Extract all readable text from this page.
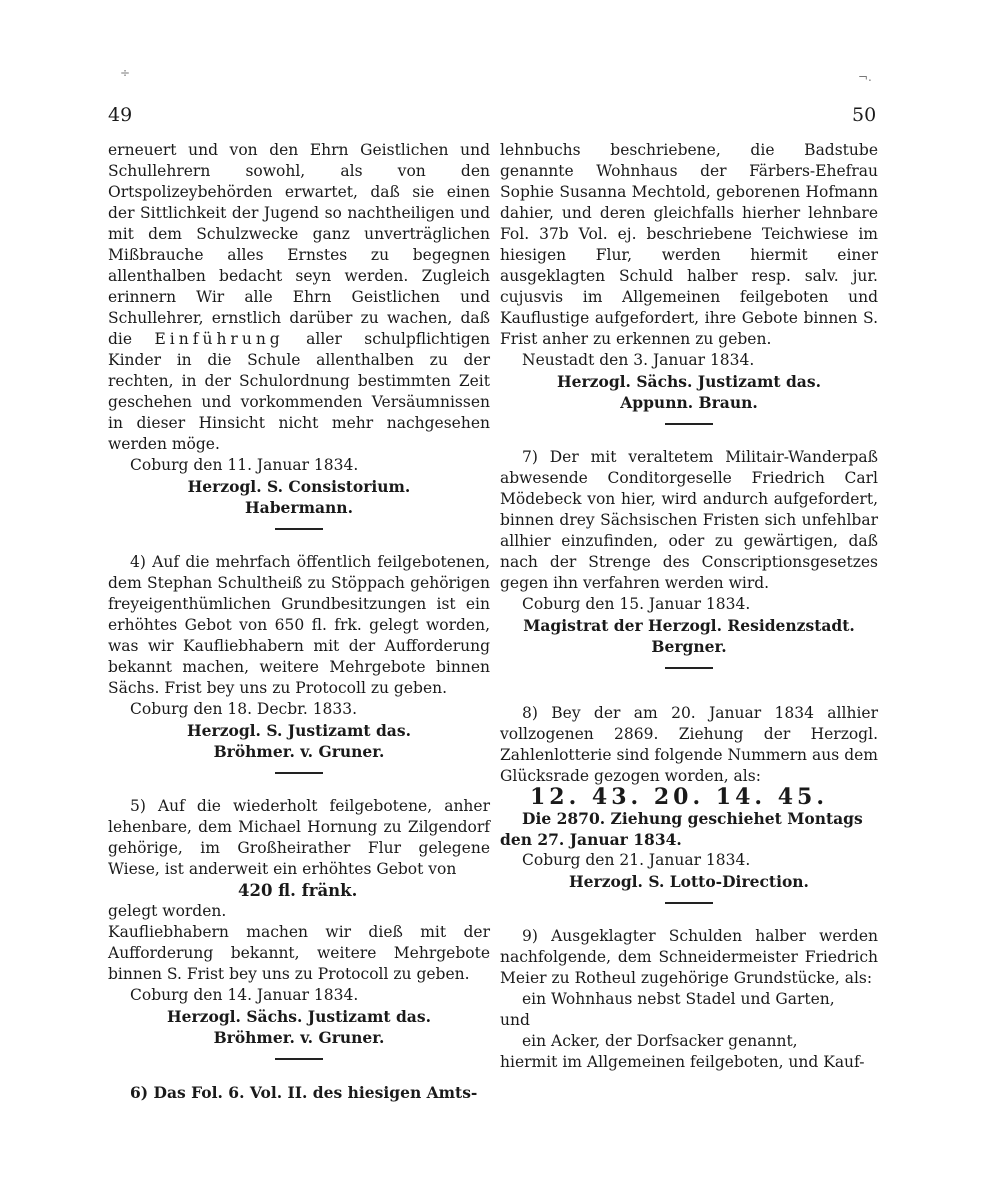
÷	¬.
49	50

erneuert und von den Ehrn Geistlichen und Schullehrern sowohl, als von den Ortspolizeybehörden erwartet, daß sie einen der Sittlichkeit der Jugend so nachtheiligen und mit dem Schulzwecke ganz unverträglichen Mißbrauche alles Ernstes zu begegnen allenthalben bedacht seyn werden. Zugleich erinnern Wir alle Ehrn Geistlichen und Schullehrer, ernstlich darüber zu wachen, daß die Einführung aller schulpflichtigen Kinder in die Schule allenthalben zu der rechten, in der Schulordnung bestimmten Zeit geschehen und vorkommenden Versäumnissen in dieser Hinsicht nicht mehr nachgesehen werden möge.

Coburg den 11. Januar 1834.

Herzogl. S. Consistorium.

Habermann.

4) Auf die mehrfach öffentlich feilgebotenen, dem Stephan Schultheiß zu Stöppach gehörigen freyeigenthümlichen Grundbesitzungen ist ein erhöhtes Gebot von 650 fl. frk. gelegt worden, was wir Kaufliebhabern mit der Aufforderung bekannt machen, weitere Mehrgebote binnen Sächs. Frist bey uns zu Protocoll zu geben.

Coburg den 18. Decbr. 1833.

Herzogl. S. Justizamt das.

Bröhmer. v. Gruner.

5) Auf die wiederholt feilgebotene, anher lehenbare, dem Michael Hornung zu Zilgendorf gehörige, im Großheirather Flur gelegene Wiese, ist anderweit ein erhöhtes Gebot von

420 fl. fränk.

gelegt worden.

Kaufliebhabern machen wir dieß mit der Aufforderung bekannt, weitere Mehrgebote binnen S. Frist bey uns zu Protocoll zu geben.

Coburg den 14. Januar 1834.

Herzogl. Sächs. Justizamt das.

Bröhmer. v. Gruner.

6) Das Fol. 6. Vol. II. des hiesigen Amts-

lehnbuchs beschriebene, die Badstube genannte Wohnhaus der Färbers-Ehefrau Sophie Susanna Mechtold, geborenen Hofmann dahier, und deren gleichfalls hierher lehnbare Fol. 37b Vol. ej. beschriebene Teichwiese im hiesigen Flur, werden hiermit einer ausgeklagten Schuld halber resp. salv. jur. cujusvis im Allgemeinen feilgeboten und Kauflustige aufgefordert, ihre Gebote binnen S. Frist anher zu erkennen zu geben.

Neustadt den 3. Januar 1834.

Herzogl. Sächs. Justizamt das.

Appunn. Braun.

7) Der mit veraltetem Militair-Wanderpaß abwesende Conditorgeselle Friedrich Carl Mödebeck von hier, wird andurch aufgefordert, binnen drey Sächsischen Fristen sich unfehlbar allhier einzufinden, oder zu gewärtigen, daß nach der Strenge des Conscriptionsgesetzes gegen ihn verfahren werden wird.

Coburg den 15. Januar 1834.

Magistrat der Herzogl. Residenzstadt.

Bergner.

8) Bey der am 20. Januar 1834 allhier vollzogenen 2869. Ziehung der Herzogl. Zahlenlotterie sind folgende Nummern aus dem Glücksrade gezogen worden, als:

12. 43. 20. 14. 45.

Die 2870. Ziehung geschiehet Montags den 27. Januar 1834.

Coburg den 21. Januar 1834.

Herzogl. S. Lotto-Direction.

9) Ausgeklagter Schulden halber werden nachfolgende, dem Schneidermeister Friedrich Meier zu Rotheul zugehörige Grundstücke, als:

ein Wohnhaus nebst Stadel und Garten,

und

ein Acker, der Dorfsacker genannt,

hiermit im Allgemeinen feilgeboten, und Kauf-
